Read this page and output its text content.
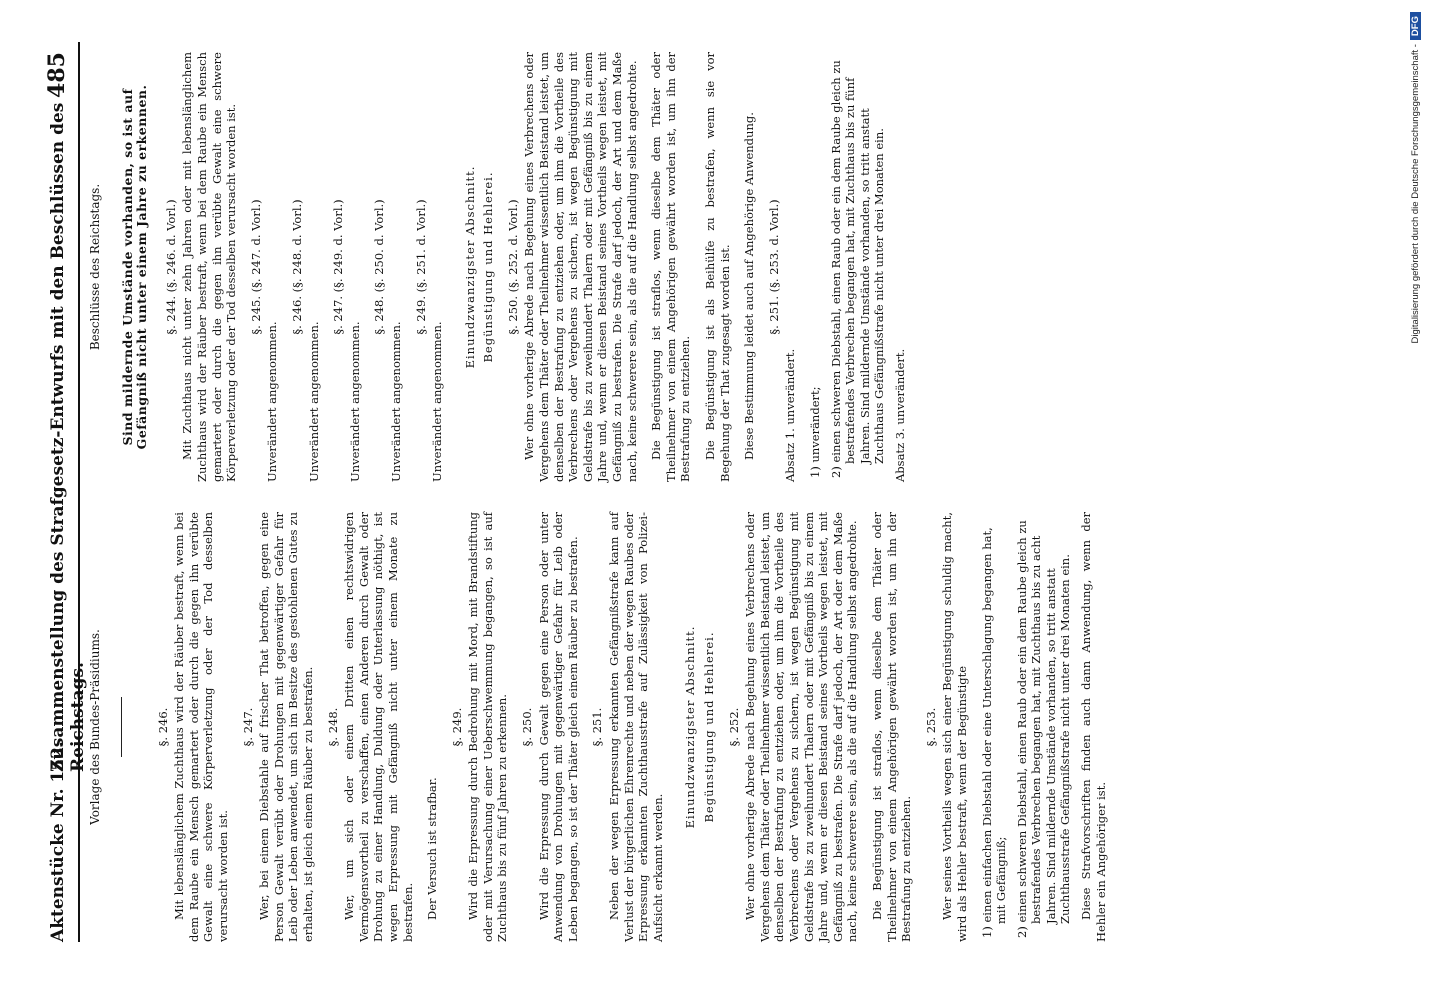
Aktenstücke Nr. 152.
Zusammenstellung des Strafgesetz-Entwurfs mit den Beschlüssen des Reichstags.
485
Vorlage des Bundes-Präsidiums.	§. 246. Mit lebenslänglichem Zuchthaus wird der Räuber bestraft, wenn bei dem Raube ein Mensch gemartert oder durch die gegen ihn verübte Gewalt eine schwere Körperverletzung oder der Tod desselben verursacht worden ist.

§. 247. Wer, bei einem Diebstahle auf frischer That betroffen, gegen eine Person Gewalt verübt oder Drohungen mit gegenwärtiger Gefahr für Leib oder Leben anwendet, um sich im Besitze des gestohlenen Gutes zu erhalten, ist gleich einem Räuber zu bestrafen. §. 248. Wer, um sich oder einem Dritten einen rechtswidrigen Vermögensvortheil zu verschaffen, einen Anderen durch Gewalt oder Drohung zu einer Handlung, Duldung oder Unterlassung nöthigt, ist wegen Erpressung mit Gefängniß nicht unter einem Monate zu bestrafen. Der Versuch ist strafbar.

§. 249. Wird die Erpressung durch Bedrohung mit Mord, mit Brandstiftung oder mit Verursachung einer Ueberschwemmung begangen, so ist auf Zuchthaus bis zu fünf Jahren zu erkennen. §. 250. Wird die Erpressung durch Gewalt gegen eine Person oder unter Anwendung von Drohungen mit gegenwärtiger Gefahr für Leib oder Leben begangen, so ist der Thäter gleich einem Räuber zu bestrafen. §. 251. Neben der wegen Erpressung erkannten Gefängnißstrafe kann auf Verlust der bürgerlichen Ehrenrechte und neben der wegen Raubes oder Erpressung erkannten Zuchthausstrafe auf Zulässigkeit von Polizei-Aufsicht erkannt werden.

Einundzwanzigster Abschnitt. Begünstigung und Hehlerei. §. 252. Wer ohne vorherige Abrede nach Begehung eines Verbrechens oder Vergehens dem Thäter oder Theilnehmer wissentlich Beistand leistet, um denselben der Bestrafung zu entziehen oder, um ihm die Vortheile des Verbrechens oder Vergehens zu sichern, ist wegen Begünstigung mit Geldstrafe bis zu zweihundert Thalern oder mit Gefängniß bis zu einem Jahre und, wenn er diesen Beistand seines Vortheils wegen leistet, mit Gefängniß zu bestrafen. Die Strafe darf jedoch, der Art oder dem Maße nach, keine schwerere sein, als die auf die Handlung selbst angedrohte. Die Begünstigung ist straflos, wenn dieselbe dem Thäter oder Theilnehmer von einem Angehörigen gewährt worden ist, um ihn der Bestrafung zu entziehen.

§. 253. Wer seines Vortheils wegen sich einer Begünstigung schuldig macht, wird als Hehler bestraft, wenn der Begünstigte 1) einen einfachen Diebstahl oder eine Unterschlagung begangen hat, mit Gefängniß; 2) einen schweren Diebstahl, einen Raub oder ein dem Raube gleich zu bestrafendes Verbrechen begangen hat, mit Zuchthaus bis zu acht Jahren. Sind mildernde Umstände vorhanden, so tritt anstatt Zuchthausstrafe Gefängnißstrafe nicht unter drei Monaten ein. Diese Strafvorschriften finden auch dann Anwendung, wenn der Hehler ein Angehöriger ist.

Beschlüsse des Reichstags. Sind mildernde Umstände vorhanden, so ist auf Gefängniß nicht unter einem Jahre zu erkennen. §. 244. (§. 246. d. Vorl.) Mit Zuchthaus nicht unter zehn Jahren oder mit lebenslänglichem Zuchthaus wird der Räuber bestraft, wenn bei dem Raube ein Mensch gemartert oder durch die gegen ihn verübte Gewalt eine schwere Körperverletzung oder der Tod desselben verursacht worden ist. §. 245. (§. 247. d. Vorl.)

Unverändert angenommen.

§. 246. (§. 248. d. Vorl.)

Unverändert angenommen.

§. 247. (§. 249. d. Vorl.)

Unverändert angenommen.

§. 248. (§. 250. d. Vorl.)

Unverändert angenommen.

§. 249. (§. 251. d. Vorl.)

Unverändert angenommen.

Einundzwanzigster Abschnitt. Begünstigung und Hehlerei. §. 250. (§. 252. d. Vorl.) Wer ohne vorherige Abrede nach Begehung eines Verbrechens oder Vergehens dem Thäter oder Theilnehmer wissentlich Beistand leistet, um denselben der Bestrafung zu entziehen oder, um ihm die Vortheile des Verbrechens oder Vergehens zu sichern, ist wegen Begünstigung mit Geldstrafe bis zu zweihundert Thalern oder mit Gefängniß bis zu einem Jahre und, wenn er diesen Beistand seines Vortheils wegen leistet, mit Gefängniß zu bestrafen. Die Strafe darf jedoch, der Art und dem Maße nach, keine schwerere sein, als die auf die Handlung selbst angedrohte. Die Begünstigung ist straflos, wenn dieselbe dem Thäter oder Theilnehmer von einem Angehörigen gewährt worden ist, um ihn der Bestrafung zu entziehen. Die Begünstigung ist als Beihülfe zu bestrafen, wenn sie vor Begehung der That zugesagt worden ist. Diese Bestimmung leidet auch auf Angehörige Anwendung. §. 251. (§. 253. d. Vorl.)

Absatz 1. unverändert. 1) unverändert; 2) einen schweren Diebstahl, einen Raub oder ein dem Raube gleich zu bestrafendes Verbrechen begangen hat, mit Zuchthaus bis zu fünf Jahren. Sind mildernde Umstände vorhanden, so tritt anstatt Zuchthaus Gefängnißstrafe nicht unter drei Monaten ein. Absatz 3. unverändert.

Digitalisierung gefördert durch die Deutsche Forschungsgemeinschaft -DFG
